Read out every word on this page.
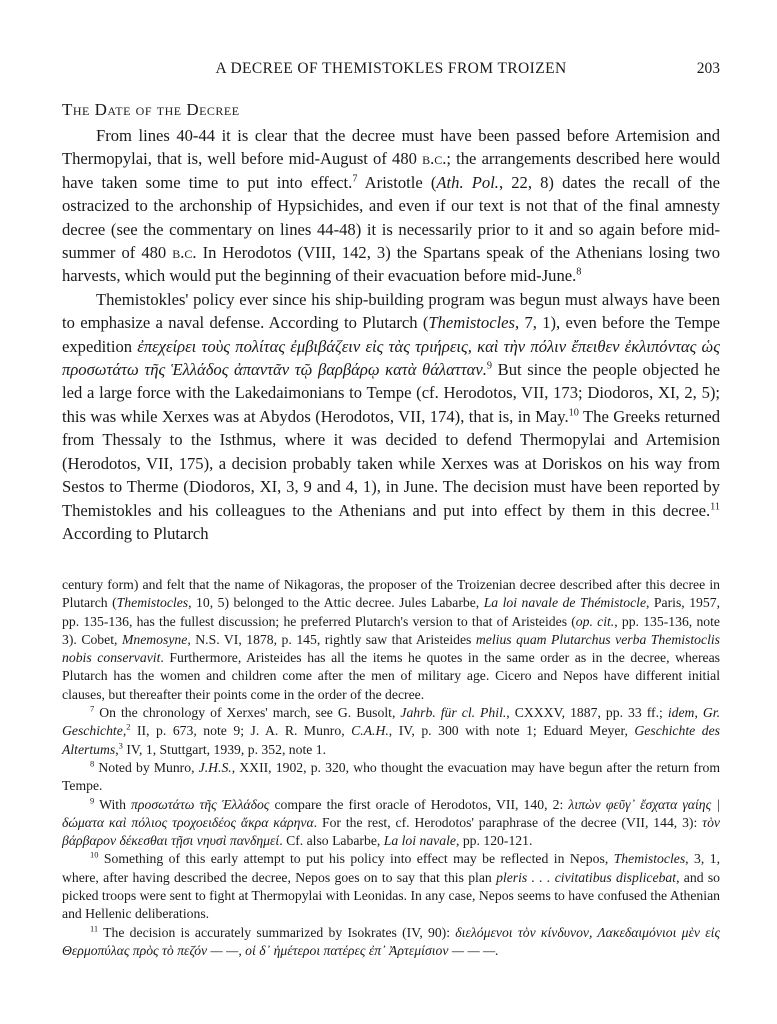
A DECREE OF THEMISTOKLES FROM TROIZEN	203
The Date of the Decree

From lines 40-44 it is clear that the decree must have been passed before Artemision and Thermopylai, that is, well before mid-August of 480 b.c.; the arrangements described here would have taken some time to put into effect.$^7$ Aristotle (Ath. Pol., 22, 8) dates the recall of the ostracized to the archonship of Hypsichides, and even if our text is not that of the final amnesty decree (see the commentary on lines 44-48) it is necessarily prior to it and so again before mid-summer of 480 b.c. In Herodotos (VIII, 142, 3) the Spartans speak of the Athenians losing two harvests, which would put the beginning of their evacuation before mid-June.$^8$

Themistokles' policy ever since his ship-building program was begun must always have been to emphasize a naval defense. According to Plutarch (Themistocles, 7, 1), even before the Tempe expedition ἐπεχείρει τοὺς πολίτας ἐμβιβάζειν εἰς τὰς τριήρεις, καὶ τὴν πόλιν ἔπειθεν ἐκλιπόντας ὡς προσωτάτω τῆς Ἑλλάδος ἀπαντᾶν τῷ βαρβάρῳ κατὰ θάλατταν.$^9$ But since the people objected he led a large force with the Lakedaimonians to Tempe (cf. Herodotos, VII, 173; Diodoros, XI, 2, 5); this was while Xerxes was at Abydos (Herodotos, VII, 174), that is, in May.$^{10}$ The Greeks returned from Thessaly to the Isthmus, where it was decided to defend Thermopylai and Artemision (Herodotos, VII, 175), a decision probably taken while Xerxes was at Doriskos on his way from Sestos to Therme (Diodoros, XI, 3, 9 and 4, 1), in June. The decision must have been reported by Themistokles and his colleagues to the Athenians and put into effect by them in this decree.$^{11}$ According to Plutarch

century form) and felt that the name of Nikagoras, the proposer of the Troizenian decree described after this decree in Plutarch (Themistocles, 10, 5) belonged to the Attic decree. Jules Labarbe, La loi navale de Thémistocle, Paris, 1957, pp. 135-136, has the fullest discussion; he preferred Plutarch's version to that of Aristeides (op. cit., pp. 135-136, note 3). Cobet, Mnemosyne, N.S. VI, 1878, p. 145, rightly saw that Aristeides melius quam Plutarchus verba Themistoclis nobis conservavit. Furthermore, Aristeides has all the items he quotes in the same order as in the decree, whereas Plutarch has the women and children come after the men of military age. Cicero and Nepos have different initial clauses, but thereafter their points come in the order of the decree.

$^7$ On the chronology of Xerxes' march, see G. Busolt, Jahrb. für cl. Phil., CXXXV, 1887, pp. 33 ff.; idem, Gr. Geschichte,$^2$ II, p. 673, note 9; J. A. R. Munro, C.A.H., IV, p. 300 with note 1; Eduard Meyer, Geschichte des Altertums,$^3$ IV, 1, Stuttgart, 1939, p. 352, note 1.

$^8$ Noted by Munro, J.H.S., XXII, 1902, p. 320, who thought the evacuation may have begun after the return from Tempe.

$^9$ With προσωτάτω τῆς Ἑλλάδος compare the first oracle of Herodotos, VII, 140, 2: λιπὼν φεῦγ᾽ ἔσχατα γαίης | δώματα καὶ πόλιος τροχοειδέος ἄκρα κάρηνα. For the rest, cf. Herodotos' paraphrase of the decree (VII, 144, 3): τὸν βάρβαρον δέκεσθαι τῇσι νηυσὶ πανδημεί. Cf. also Labarbe, La loi navale, pp. 120-121.

$^{10}$ Something of this early attempt to put his policy into effect may be reflected in Nepos, Themistocles, 3, 1, where, after having described the decree, Nepos goes on to say that this plan pleris . . . civitatibus displicebat, and so picked troops were sent to fight at Thermopylai with Leonidas. In any case, Nepos seems to have confused the Athenian and Hellenic deliberations.

$^{11}$ The decision is accurately summarized by Isokrates (IV, 90): διελόμενοι τὸν κίνδυνον, Λακεδαιμόνιοι μὲν εἰς Θερμοπύλας πρὸς τὸ πεζόν — —, οἱ δ᾽ ἡμέτεροι πατέρες ἐπ᾽ Ἀρτεμίσιον — — —.
